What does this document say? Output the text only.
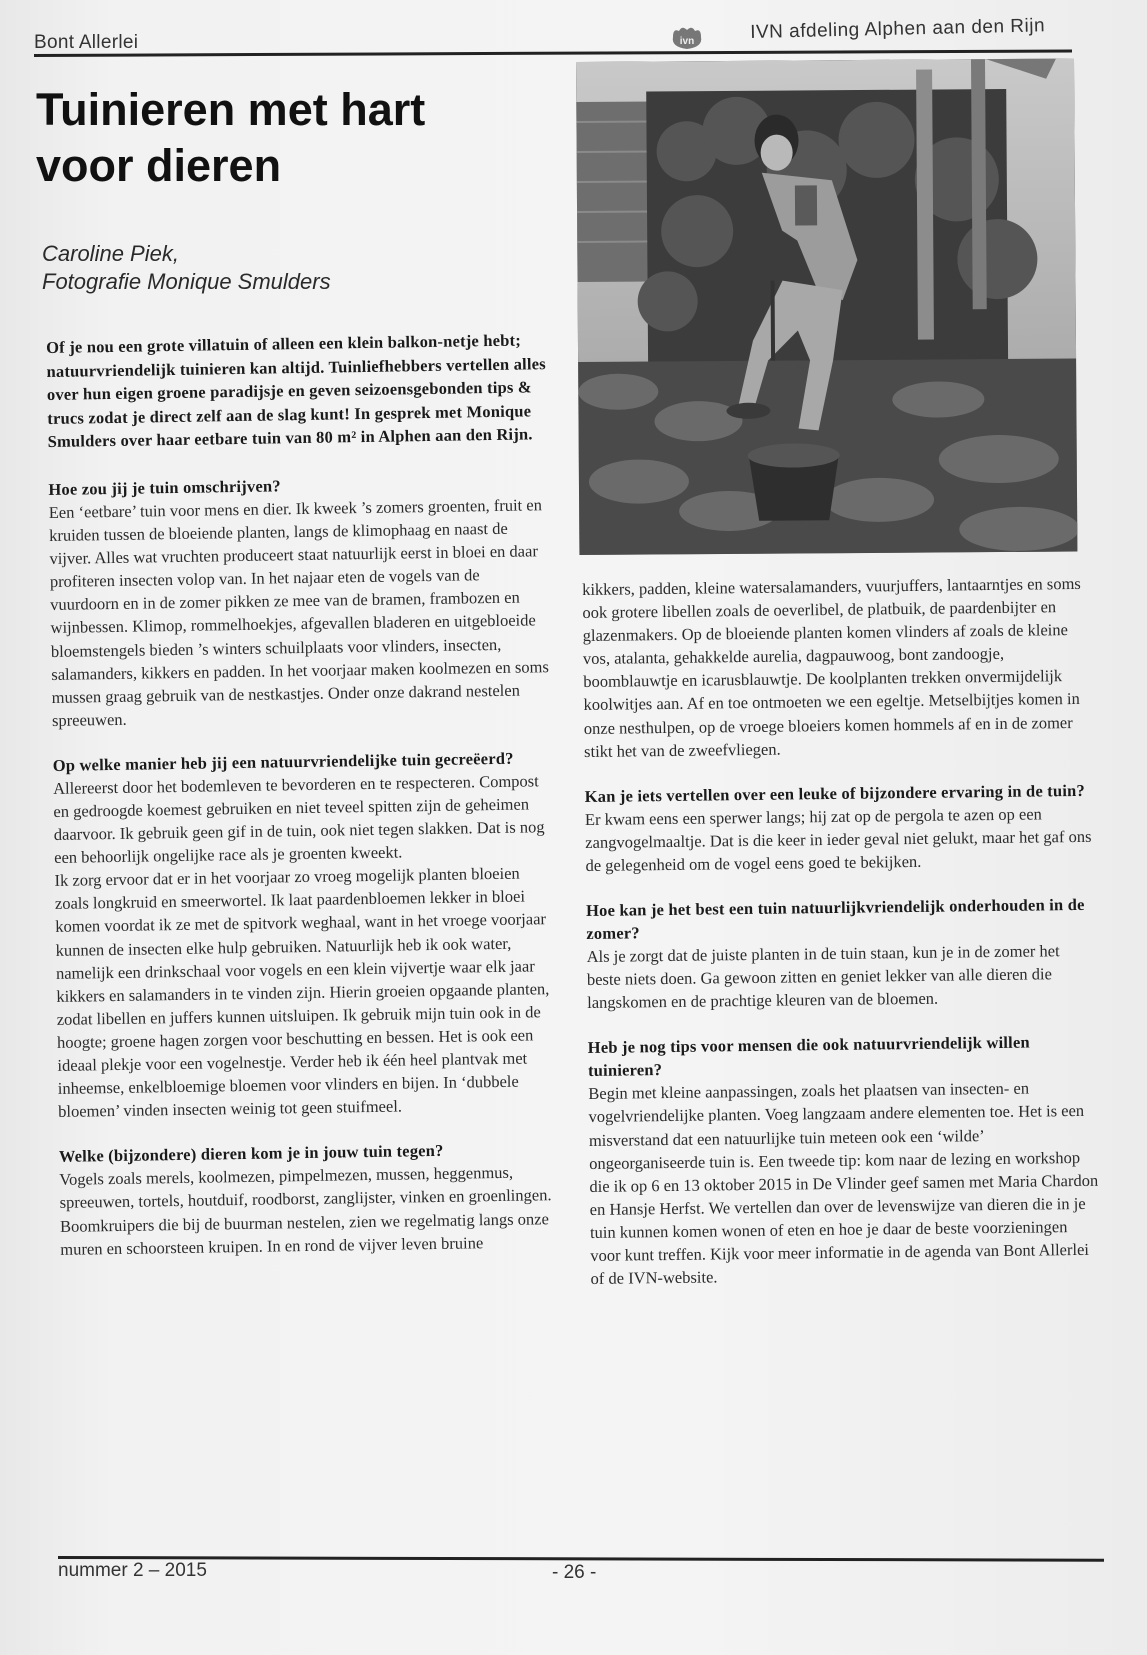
Bont Allerlei	ivn	IVN afdeling Alphen aan den Rijn
Tuinieren met hart
voor dieren
Caroline Piek,
Fotografie Monique Smulders

Of je nou een grote villatuin of alleen een klein balkon-netje hebt; natuurvriendelijk tuinieren kan altijd. Tuinliefhebbers vertellen alles over hun eigen groene paradijsje en geven seizoensgebonden tips & trucs zodat je direct zelf aan de slag kunt! In gesprek met Monique Smulders over haar eetbare tuin van 80 m² in Alphen aan den Rijn.

Hoe zou jij je tuin omschrijven?

Een ‘eetbare’ tuin voor mens en dier. Ik kweek ’s zomers groenten, fruit en kruiden tussen de bloeiende planten, langs de klimophaag en naast de vijver. Alles wat vruchten produceert staat natuurlijk eerst in bloei en daar profiteren insecten volop van. In het najaar eten de vogels van de vuurdoorn en in de zomer pikken ze mee van de bramen, frambozen en wijnbessen. Klimop, rommelhoekjes, afgevallen bladeren en uitgebloeide bloemstengels bieden ’s winters schuilplaats voor vlinders, insecten, salamanders, kikkers en padden. In het voorjaar maken koolmezen en soms mussen graag gebruik van de nestkastjes. Onder onze dakrand nestelen spreeuwen.

Op welke manier heb jij een natuurvriendelijke tuin gecreëerd?

Allereerst door het bodemleven te bevorderen en te respecteren. Compost en gedroogde koemest gebruiken en niet teveel spitten zijn de geheimen daarvoor. Ik gebruik geen gif in de tuin, ook niet tegen slakken. Dat is nog een behoorlijk ongelijke race als je groenten kweekt.

Ik zorg ervoor dat er in het voorjaar zo vroeg mogelijk planten bloeien zoals longkruid en smeerwortel. Ik laat paardenbloemen lekker in bloei komen voordat ik ze met de spitvork weghaal, want in het vroege voorjaar kunnen de insecten elke hulp gebruiken. Natuurlijk heb ik ook water, namelijk een drinkschaal voor vogels en een klein vijvertje waar elk jaar kikkers en salamanders in te vinden zijn. Hierin groeien opgaande planten, zodat libellen en juffers kunnen uitsluipen. Ik gebruik mijn tuin ook in de hoogte; groene hagen zorgen voor beschutting en bessen. Het is ook een ideaal plekje voor een vogelnestje. Verder heb ik één heel plantvak met inheemse, enkelbloemige bloemen voor vlinders en bijen. In ‘dubbele bloemen’ vinden insecten weinig tot geen stuifmeel.

Welke (bijzondere) dieren kom je in jouw tuin tegen?

Vogels zoals merels, koolmezen, pimpelmezen, mussen, heggenmus, spreeuwen, tortels, houtduif, roodborst, zanglijster, vinken en groenlingen. Boomkruipers die bij de buurman nestelen, zien we regelmatig langs onze muren en schoorsteen kruipen. In en rond de vijver leven bruine

kikkers, padden, kleine watersalamanders, vuurjuffers, lantaarntjes en soms ook grotere libellen zoals de oeverlibel, de platbuik, de paardenbijter en glazenmakers. Op de bloeiende planten komen vlinders af zoals de kleine vos, atalanta, gehakkelde aurelia, dagpauwoog, bont zandoogje, boomblauwtje en icarusblauwtje. De koolplanten trekken onvermijdelijk koolwitjes aan. Af en toe ontmoeten we een egeltje. Metselbijtjes komen in onze nesthulpen, op de vroege bloeiers komen hommels af en in de zomer stikt het van de zweefvliegen.

Kan je iets vertellen over een leuke of bijzondere ervaring in de tuin?

Er kwam eens een sperwer langs; hij zat op de pergola te azen op een zangvogelmaaltje. Dat is die keer in ieder geval niet gelukt, maar het gaf ons de gelegenheid om de vogel eens goed te bekijken.

Hoe kan je het best een tuin natuurlijkvriendelijk onderhouden in de zomer?

Als je zorgt dat de juiste planten in de tuin staan, kun je in de zomer het beste niets doen. Ga gewoon zitten en geniet lekker van alle dieren die langskomen en de prachtige kleuren van de bloemen.

Heb je nog tips voor mensen die ook natuurvriendelijk willen tuinieren?

Begin met kleine aanpassingen, zoals het plaatsen van insecten- en vogelvriendelijke planten. Voeg langzaam andere elementen toe. Het is een misverstand dat een natuurlijke tuin meteen ook een ‘wilde’ ongeorganiseerde tuin is. Een tweede tip: kom naar de lezing en workshop die ik op 6 en 13 oktober 2015 in De Vlinder geef samen met Maria Chardon en Hansje Herfst. We vertellen dan over de levenswijze van dieren die in je tuin kunnen komen wonen of eten en hoe je daar de beste voorzieningen voor kunt treffen. Kijk voor meer informatie in de agenda van Bont Allerlei of de IVN-website.

nummer 2 – 2015	- 26 -
